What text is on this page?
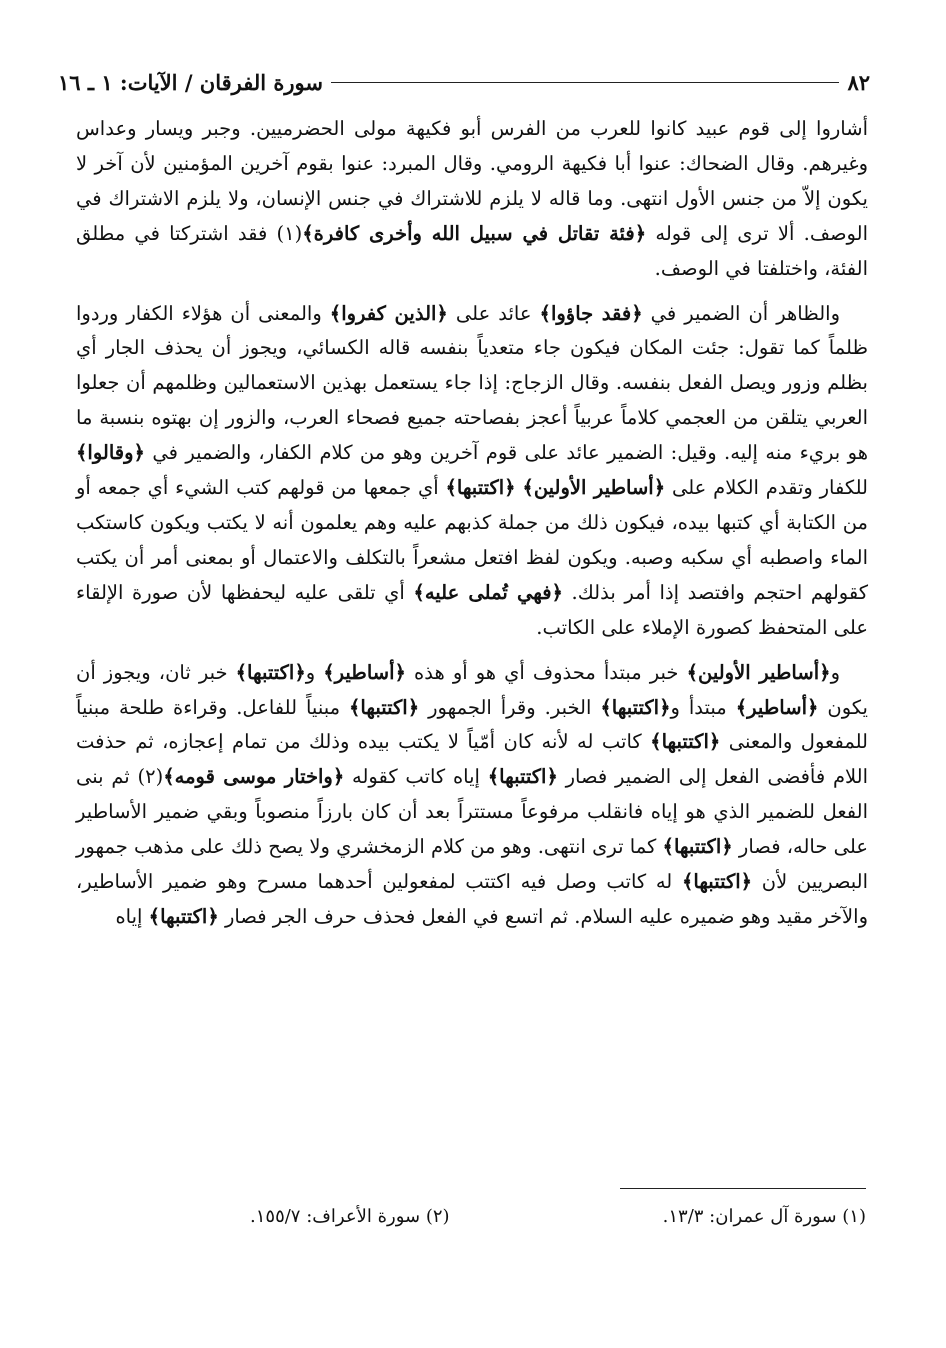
٨٢
سورة الفرقان / الآيات: ١ ـ ١٦

أشاروا إلى قوم عبيد كانوا للعرب من الفرس أبو فكيهة مولى الحضرميين. وجبر ويسار وعداس وغيرهم. وقال الضحاك: عنوا أبا فكيهة الرومي. وقال المبرد: عنوا بقوم آخرين المؤمنين لأن آخر لا يكون إلاّ من جنس الأول انتهى. وما قاله لا يلزم للاشتراك في جنس الإنسان، ولا يلزم الاشتراك في الوصف. ألا ترى إلى قوله ﴿فئة تقاتل في سبيل الله وأخرى كافرة﴾(١) فقد اشتركتا في مطلق الفئة، واختلفتا في الوصف.

والظاهر أن الضمير في ﴿فقد جاؤوا﴾ عائد على ﴿الذين كفروا﴾ والمعنى أن هؤلاء الكفار وردوا ظلماً كما تقول: جئت المكان فيكون جاء متعدياً بنفسه قاله الكسائي، ويجوز أن يحذف الجار أي بظلم وزور ويصل الفعل بنفسه. وقال الزجاج: إذا جاء يستعمل بهذين الاستعمالين وظلمهم أن جعلوا العربي يتلقن من العجمي كلاماً عربياً أعجز بفصاحته جميع فصحاء العرب، والزور إن بهتوه بنسبة ما هو بريء منه إليه. وقيل: الضمير عائد على قوم آخرين وهو من كلام الكفار، والضمير في ﴿وقالوا﴾ للكفار وتقدم الكلام على ﴿أساطير الأولين﴾ ﴿اكتتبها﴾ أي جمعها من قولهم كتب الشيء أي جمعه أو من الكتابة أي كتبها بيده، فيكون ذلك من جملة كذبهم عليه وهم يعلمون أنه لا يكتب ويكون كاستكب الماء واصطبه أي سكبه وصبه. ويكون لفظ افتعل مشعراً بالتكلف والاعتمال أو بمعنى أمر أن يكتب كقولهم احتجم وافتصد إذا أمر بذلك. ﴿فهي تُملى عليه﴾ أي تلقى عليه ليحفظها لأن صورة الإلقاء على المتحفظ كصورة الإملاء على الكاتب.

و﴿أساطير الأولين﴾ خبر مبتدأ محذوف أي هو أو هذه ﴿أساطير﴾ و﴿اكتتبها﴾ خبر ثان، ويجوز أن يكون ﴿أساطير﴾ مبتدأ و﴿اكتتبها﴾ الخبر. وقرأ الجمهور ﴿اكتتبها﴾ مبنياً للفاعل. وقراءة طلحة مبنياً للمفعول والمعنى ﴿اكتتبها﴾ كاتب له لأنه كان أمّياً لا يكتب بيده وذلك من تمام إعجازه، ثم حذفت اللام فأفضى الفعل إلى الضمير فصار ﴿اكتتبها﴾ إياه كاتب كقوله ﴿واختار موسى قومه﴾(٢) ثم بنى الفعل للضمير الذي هو إياه فانقلب مرفوعاً مستتراً بعد أن كان بارزاً منصوباً وبقي ضمير الأساطير على حاله، فصار ﴿اكتتبها﴾ كما ترى انتهى. وهو من كلام الزمخشري ولا يصح ذلك على مذهب جمهور البصريين لأن ﴿اكتتبها﴾ له كاتب وصل فيه اكتتب لمفعولين أحدهما مسرح وهو ضمير الأساطير، والآخر مقيد وهو ضميره عليه السلام. ثم اتسع في الفعل فحذف حرف الجر فصار ﴿اكتتبها﴾ إياه

(١) سورة آل عمران: ١٣/٣.
(٢) سورة الأعراف: ١٥٥/٧.
